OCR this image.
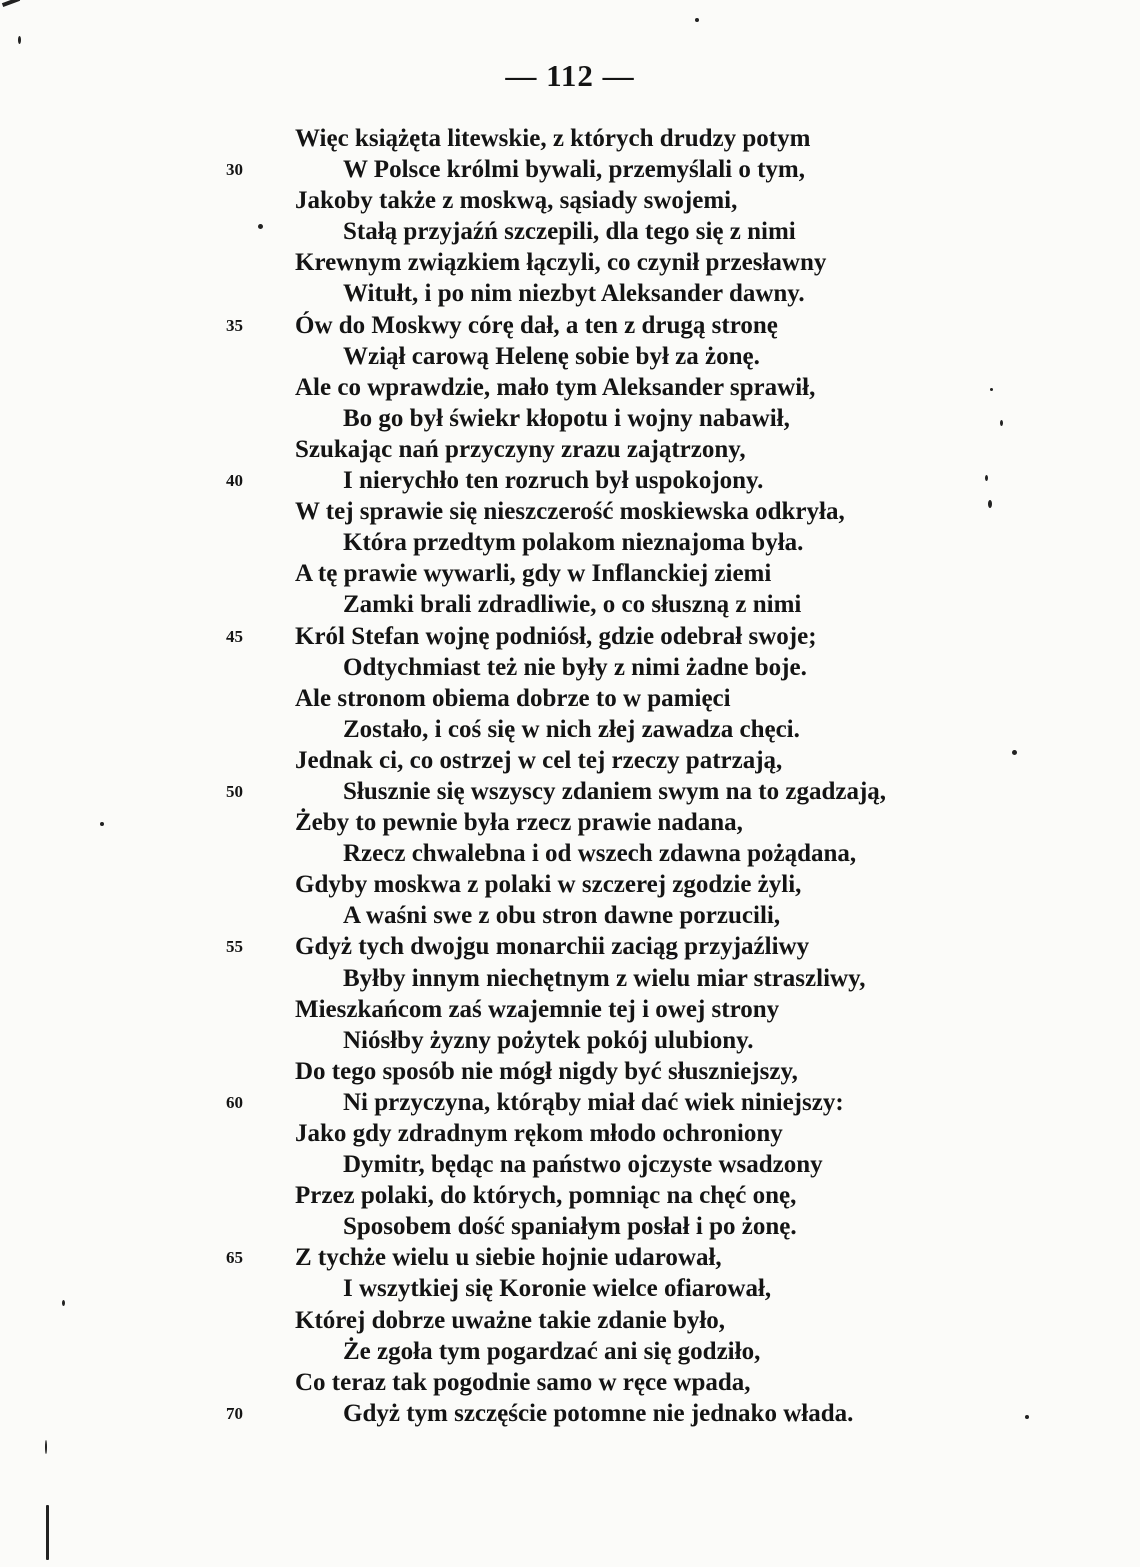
— 112 —
Więc książęta litewskie, z których drudzy potym
30	W Polsce królmi bywali, przemyślali o tym,
Jakoby także z moskwą, sąsiady swojemi,
Stałą przyjaźń szczepili, dla tego się z nimi
Krewnym związkiem łączyli, co czynił przesławny
Witułt, i po nim niezbyt Aleksander dawny.
35	Ów do Moskwy córę dał, a ten z drugą stronę
Wziął carową Helenę sobie był za żonę.
Ale co wprawdzie, mało tym Aleksander sprawił,
Bo go był świekr kłopotu i wojny nabawił,
Szukając nań przyczyny zrazu zajątrzony,
40	I nierychło ten rozruch był uspokojony.
W tej sprawie się nieszczerość moskiewska odkryła,
Która przedtym polakom nieznajoma była.
A tę prawie wywarli, gdy w Inflanckiej ziemi
Zamki brali zdradliwie, o co słuszną z nimi
45	Król Stefan wojnę podniósł, gdzie odebrał swoje;
Odtychmiast też nie były z nimi żadne boje.
Ale stronom obiema dobrze to w pamięci
Zostało, i coś się w nich złej zawadza chęci.
Jednak ci, co ostrzej w cel tej rzeczy patrzają,
50	Słusznie się wszyscy zdaniem swym na to zgadzają,
Żeby to pewnie była rzecz prawie nadana,
Rzecz chwalebna i od wszech zdawna pożądana,
Gdyby moskwa z polaki w szczerej zgodzie żyli,
A waśni swe z obu stron dawne porzucili,
55	Gdyż tych dwojgu monarchii zaciąg przyjaźliwy
Byłby innym niechętnym z wielu miar straszliwy,
Mieszkańcom zaś wzajemnie tej i owej strony
Niósłby żyzny pożytek pokój ulubiony.
Do tego sposób nie mógł nigdy być słuszniejszy,
60	Ni przyczyna, którąby miał dać wiek niniejszy:
Jako gdy zdradnym rękom młodo ochroniony
Dymitr, będąc na państwo ojczyste wsadzony
Przez polaki, do których, pomniąc na chęć onę,
Sposobem dość spaniałym posłał i po żonę.
65	Z tychże wielu u siebie hojnie udarował,
I wszytkiej się Koronie wielce ofiarował,
Której dobrze uważne takie zdanie było,
Że zgoła tym pogardzać ani się godziło,
Co teraz tak pogodnie samo w ręce wpada,
70	Gdyż tym szczęście potomne nie jednako włada.
